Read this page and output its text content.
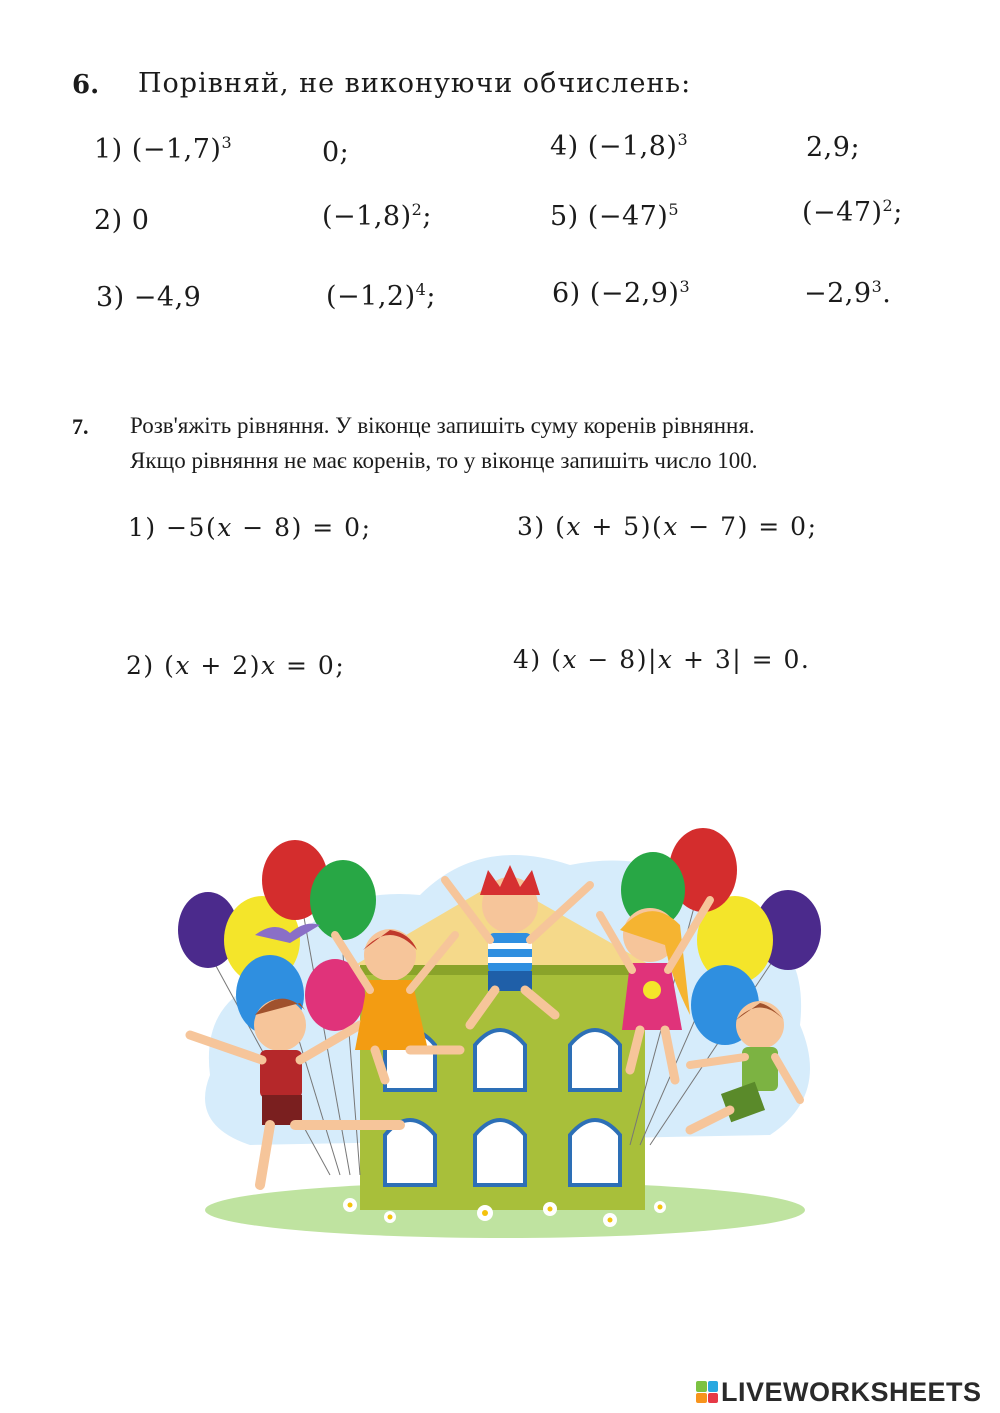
6. Порівняй, не виконуючи обчислень:
1) $(-1,7)^3$	0;
2) 0	$(-1,8)^2$;
3) −4,9	$(-1,2)^4$;
4) $(-1,8)^3$	2,9;
5) $(-47)^5$	$(-47)^2$;
6) $(-2,9)^3$	$-2,9^3$.
7. Розв'яжіть рівняння. У віконце запишіть суму коренів рівняння.
Якщо рівняння не має коренів, то у віконце запишіть число 100.
1) −5(x − 8) = 0;
2) (x + 2)x = 0;
3) (x + 5)(x − 7) = 0;
4) (x − 8)|x + 3| = 0.
LIVEWORKSHEETS
